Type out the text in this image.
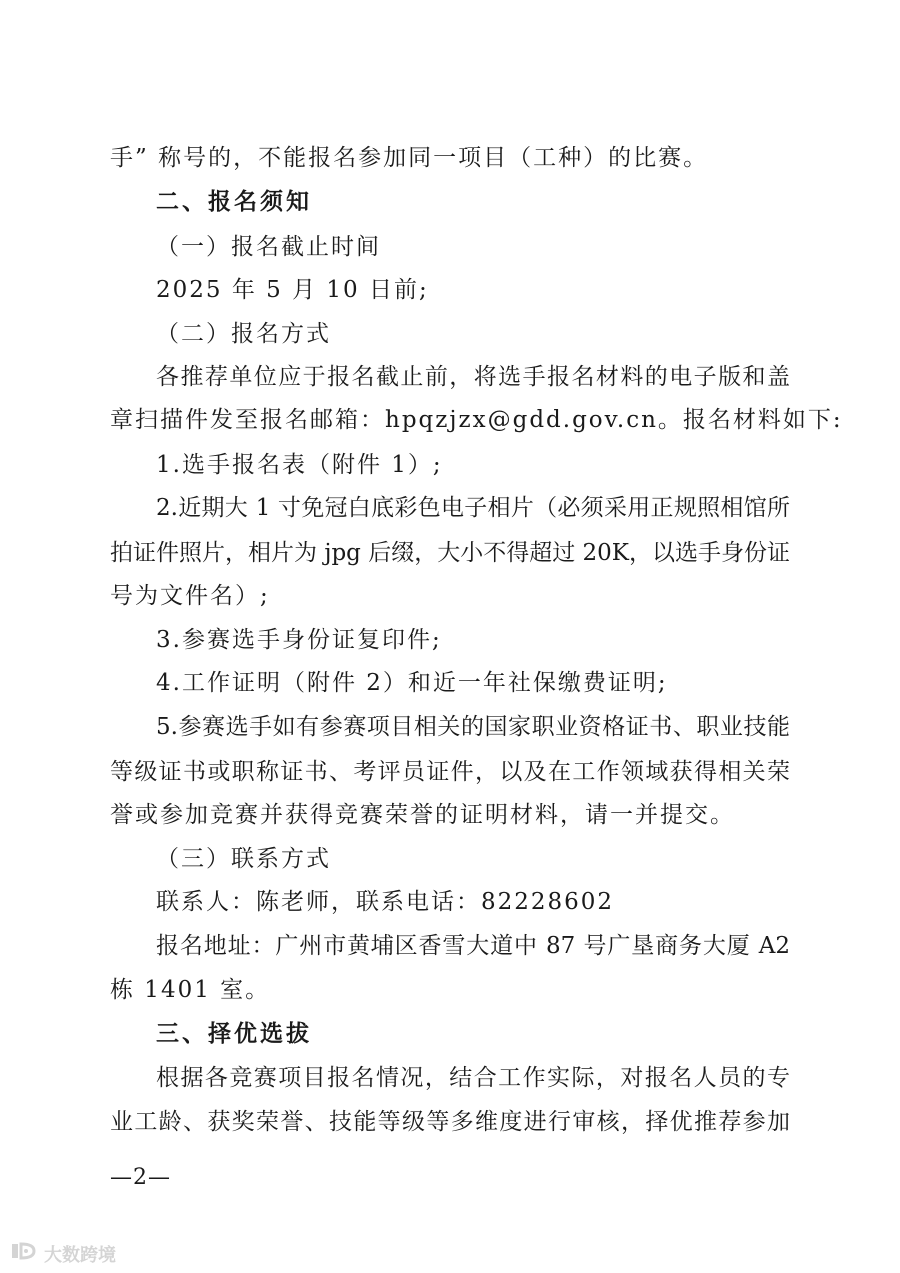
手” 称号的，不能报名参加同一项目（工种）的比赛。
二、报名须知
（一）报名截止时间
2025 年 5 月 10 日前;
（二）报名方式
各推荐单位应于报名截止前，将选手报名材料的电子版和盖
章扫描件发至报名邮箱：hpqzjzx@gdd.gov.cn。报名材料如下:
1.选手报名表（附件 1）;
2.近期大 1 寸免冠白底彩色电子相片（必须采用正规照相馆所
拍证件照片，相片为 jpg 后缀，大小不得超过 20K，以选手身份证
号为文件名）;
3.参赛选手身份证复印件;
4.工作证明（附件 2）和近一年社保缴费证明;
5.参赛选手如有参赛项目相关的国家职业资格证书、职业技能
等级证书或职称证书、考评员证件，以及在工作领域获得相关荣
誉或参加竞赛并获得竞赛荣誉的证明材料，请一并提交。
（三）联系方式
联系人：陈老师，联系电话：82228602
报名地址：广州市黄埔区香雪大道中 87 号广垦商务大厦 A2
栋 1401 室。
三、择优选拔
根据各竞赛项目报名情况，结合工作实际，对报名人员的专
业工龄、获奖荣誉、技能等级等多维度进行审核，择优推荐参加
—2—
大数跨境
